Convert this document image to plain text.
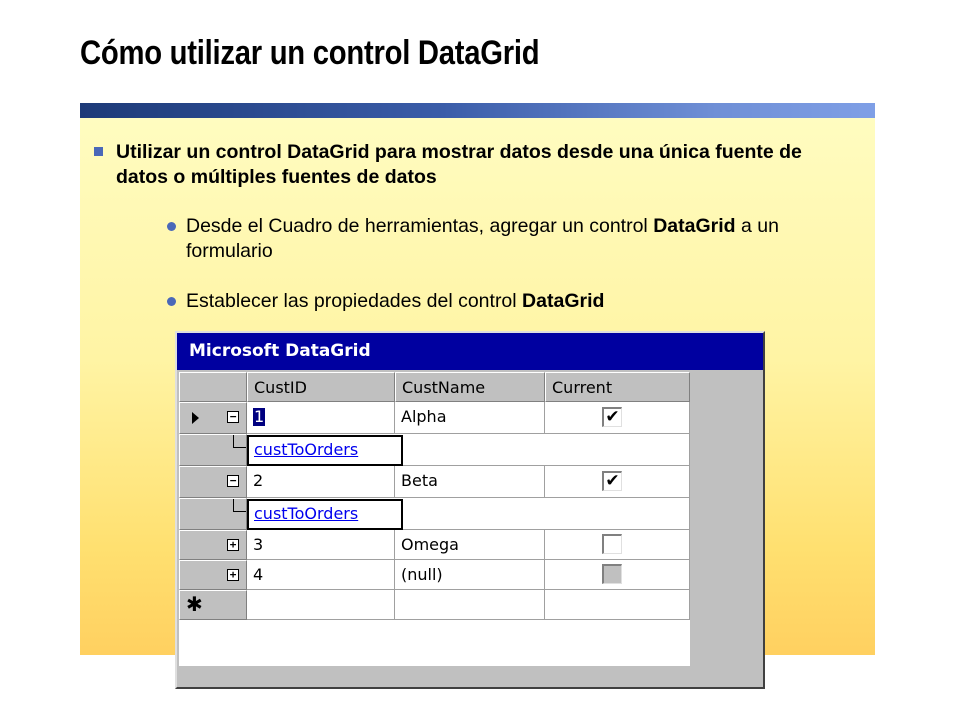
Cómo utilizar un control DataGrid
Utilizar un control DataGrid para mostrar datos desde una única fuente de datos o múltiples fuentes de datos
Desde el Cuadro de herramientas, agregar un control DataGrid a un formulario
Establecer las propiedades del control DataGrid
Microsoft DataGrid
CustID	CustName	Current
−	1	Alpha	✔
custToOrders
−	2	Beta	✔
custToOrders
+	3	Omega
+	4	(null)
✱
